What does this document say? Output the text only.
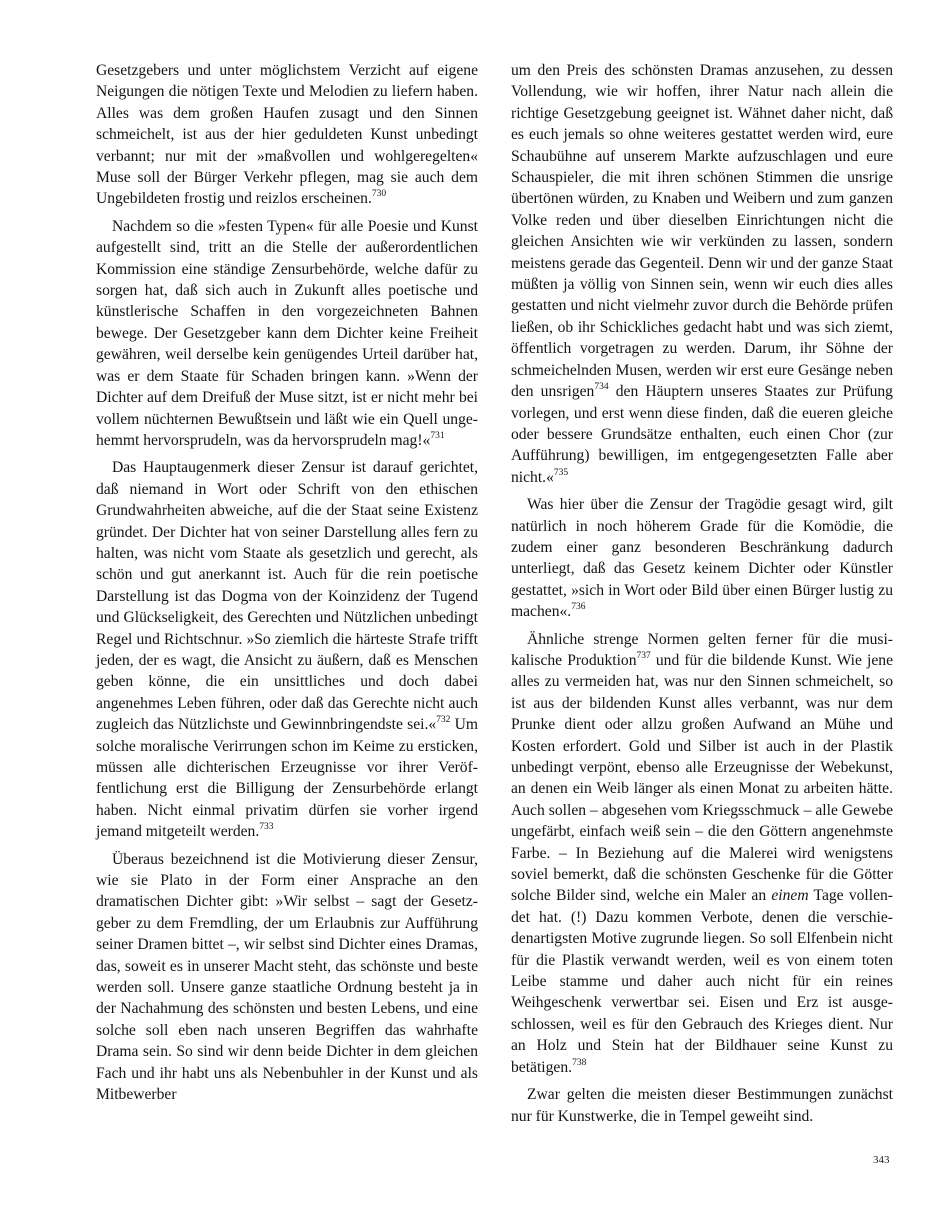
Gesetzgebers und unter möglichstem Verzicht auf eigene Neigungen die nötigen Texte und Melodien zu liefern haben. Alles was dem großen Haufen zusagt und den Sinnen schmeichelt, ist aus der hier geduldeten Kunst unbedingt verbannt; nur mit der »maßvollen und wohlgeregelten« Muse soll der Bürger Verkehr pflegen, mag sie auch dem Ungebildeten frostig und reizlos erscheinen.$^{730}$

Nachdem so die »festen Typen« für alle Poesie und Kunst aufgestellt sind, tritt an die Stelle der außerordentlichen Kommission eine ständige Zensurbehörde, welche dafür zu sorgen hat, daß sich auch in Zukunft alles poetische und künstlerische Schaffen in den vorgezeichneten Bahnen bewege. Der Gesetzgeber kann dem Dichter keine Freiheit gewähren, weil derselbe kein genügendes Urteil darüber hat, was er dem Staate für Schaden bringen kann. »Wenn der Dichter auf dem Dreifuß der Muse sitzt, ist er nicht mehr bei vollem nüchternen Bewußtsein und läßt wie ein Quell ungehemmt hervorsprudeln, was da hervorsprudeln mag!«$^{731}$

Das Hauptaugenmerk dieser Zensur ist darauf gerichtet, daß niemand in Wort oder Schrift von den ethischen Grundwahrheiten abweiche, auf die der Staat seine Existenz gründet. Der Dichter hat von seiner Darstellung alles fern zu halten, was nicht vom Staate als gesetzlich und gerecht, als schön und gut anerkannt ist. Auch für die rein poetische Darstellung ist das Dogma von der Koinzidenz der Tugend und Glückseligkeit, des Gerechten und Nützlichen unbedingt Regel und Richtschnur. »So ziemlich die härteste Strafe trifft jeden, der es wagt, die Ansicht zu äußern, daß es Menschen geben könne, die ein unsittliches und doch dabei angenehmes Leben führen, oder daß das Gerechte nicht auch zugleich das Nützlichste und Gewinnbringendste sei.«$^{732}$ Um solche moralische Verirrungen schon im Keime zu ersticken, müssen alle dichterischen Erzeugnisse vor ihrer Veröffentlichung erst die Billigung der Zensurbehörde erlangt haben. Nicht einmal privatim dürfen sie vorher irgend jemand mitgeteilt werden.$^{733}$

Überaus bezeichnend ist die Motivierung dieser Zensur, wie sie Plato in der Form einer Ansprache an den dramatischen Dichter gibt: »Wir selbst – sagt der Gesetzgeber zu dem Fremdling, der um Erlaubnis zur Aufführung seiner Dramen bittet –, wir selbst sind Dichter eines Dramas, das, soweit es in unserer Macht steht, das schönste und beste werden soll. Unsere ganze staatliche Ordnung besteht ja in der Nachahmung des schönsten und besten Lebens, und eine solche soll eben nach unseren Begriffen das wahrhafte Drama sein. So sind wir denn beide Dichter in dem gleichen Fach und ihr habt uns als Nebenbuhler in der Kunst und als Mitbewerber

um den Preis des schönsten Dramas anzusehen, zu dessen Vollendung, wie wir hoffen, ihrer Natur nach allein die richtige Gesetzgebung geeignet ist. Wähnet daher nicht, daß es euch jemals so ohne weiteres gestattet werden wird, eure Schaubühne auf unserem Markte aufzuschlagen und eure Schauspieler, die mit ihren schönen Stimmen die unsrige übertönen würden, zu Knaben und Weibern und zum ganzen Volke reden und über dieselben Einrichtungen nicht die gleichen Ansichten wie wir verkünden zu lassen, sondern meistens gerade das Gegenteil. Denn wir und der ganze Staat müßten ja völlig von Sinnen sein, wenn wir euch dies alles gestatten und nicht vielmehr zuvor durch die Behörde prüfen ließen, ob ihr Schickliches gedacht habt und was sich ziemt, öffentlich vorgetragen zu werden. Darum, ihr Söhne der schmeichelnden Musen, werden wir erst eure Gesänge neben den unsrigen$^{734}$ den Häuptern unseres Staates zur Prüfung vorlegen, und erst wenn diese finden, daß die eueren gleiche oder bessere Grundsätze enthalten, euch einen Chor (zur Aufführung) bewilligen, im entgegengesetzten Falle aber nicht.«$^{735}$

Was hier über die Zensur der Tragödie gesagt wird, gilt natürlich in noch höherem Grade für die Komödie, die zudem einer ganz besonderen Beschränkung dadurch unterliegt, daß das Gesetz keinem Dichter oder Künstler gestattet, »sich in Wort oder Bild über einen Bürger lustig zu machen«.$^{736}$

Ähnliche strenge Normen gelten ferner für die musikalische Produktion$^{737}$ und für die bildende Kunst. Wie jene alles zu vermeiden hat, was nur den Sinnen schmeichelt, so ist aus der bildenden Kunst alles verbannt, was nur dem Prunke dient oder allzu großen Aufwand an Mühe und Kosten erfordert. Gold und Silber ist auch in der Plastik unbedingt verpönt, ebenso alle Erzeugnisse der Webekunst, an denen ein Weib länger als einen Monat zu arbeiten hätte. Auch sollen – abgesehen vom Kriegsschmuck – alle Gewebe ungefärbt, einfach weiß sein – die den Göttern angenehmste Farbe. – In Beziehung auf die Malerei wird wenigstens soviel bemerkt, daß die schönsten Geschenke für die Götter solche Bilder sind, welche ein Maler an einem Tage vollendet hat. (!) Dazu kommen Verbote, denen die verschiedenartigsten Motive zugrunde liegen. So soll Elfenbein nicht für die Plastik verwandt werden, weil es von einem toten Leibe stamme und daher auch nicht für ein reines Weihgeschenk verwertbar sei. Eisen und Erz ist ausgeschlossen, weil es für den Gebrauch des Krieges dient. Nur an Holz und Stein hat der Bildhauer seine Kunst zu betätigen.$^{738}$

Zwar gelten die meisten dieser Bestimmungen zunächst nur für Kunstwerke, die in Tempel geweiht sind.

343
